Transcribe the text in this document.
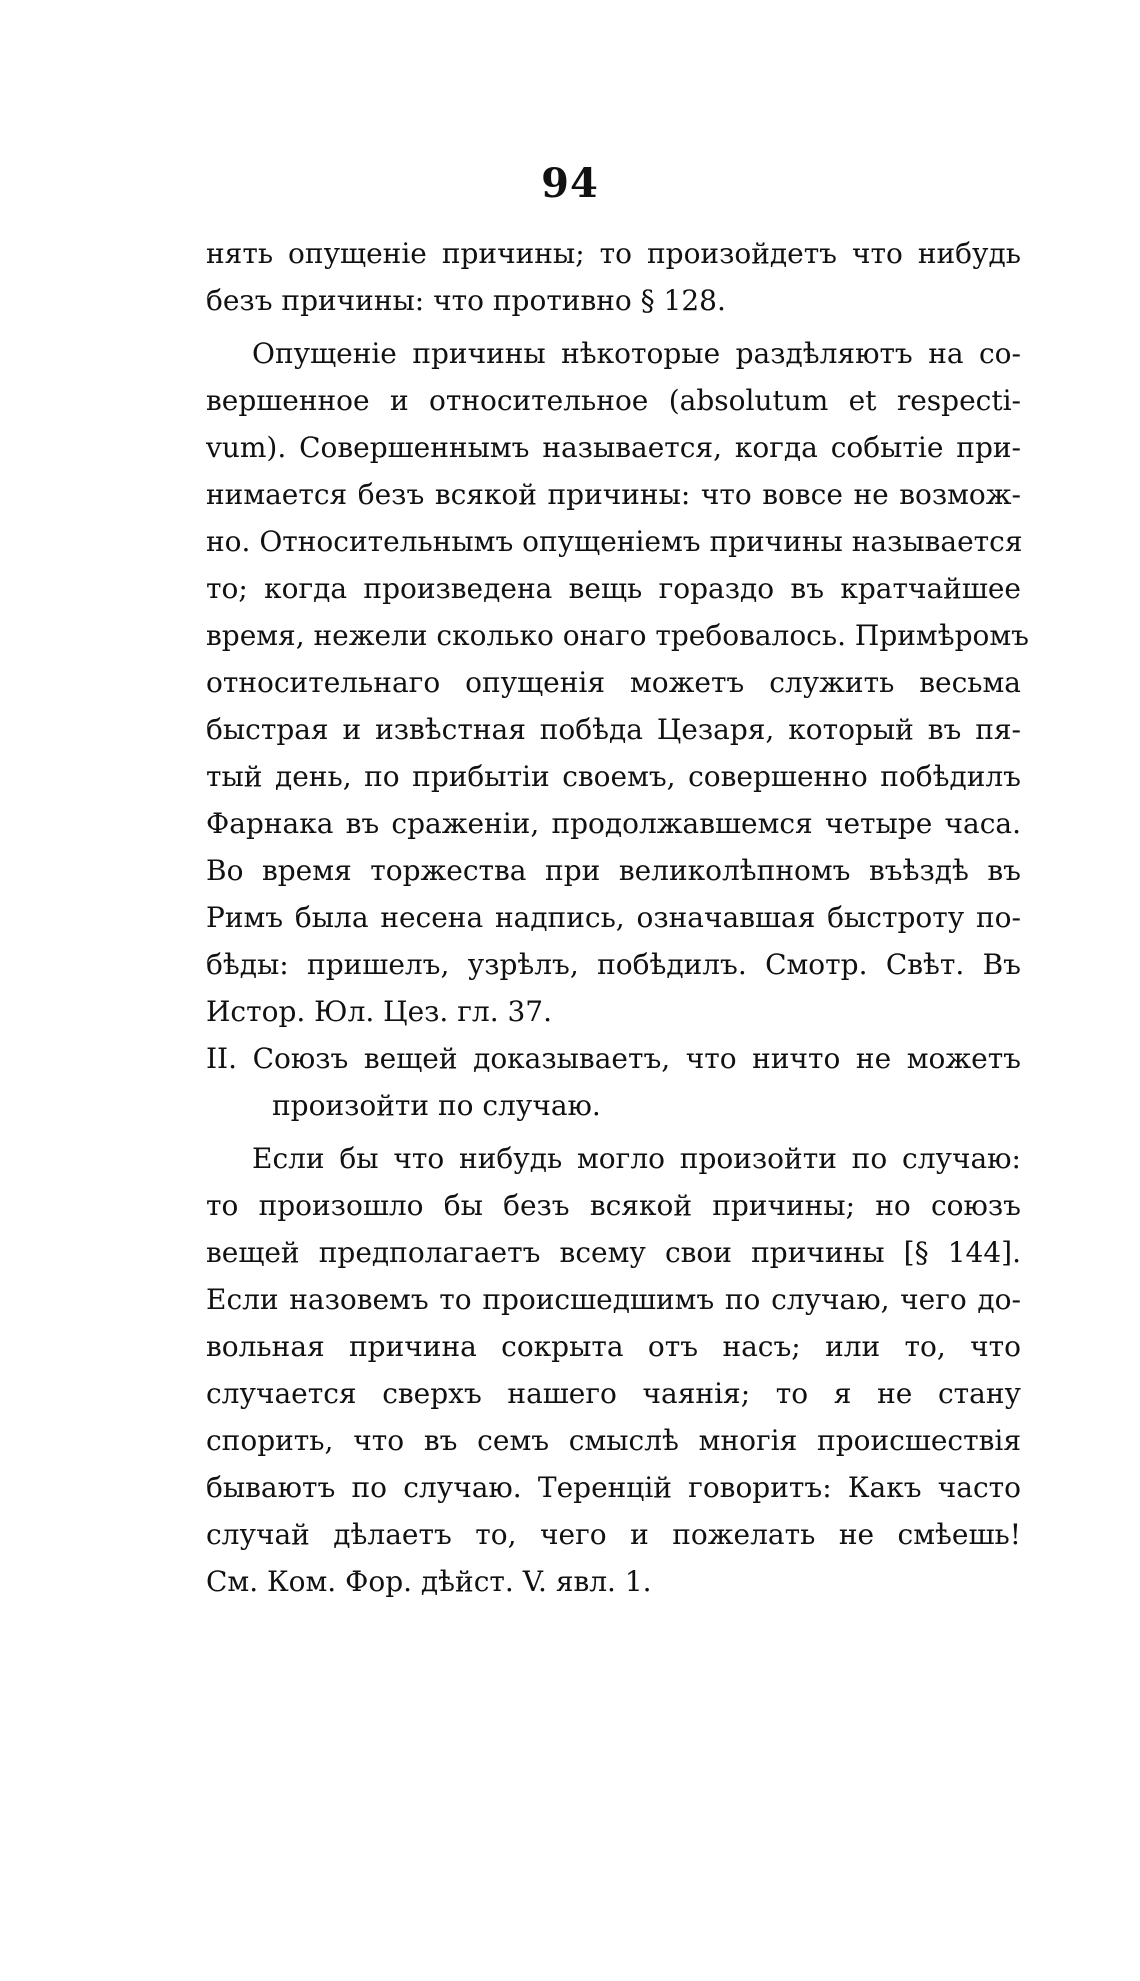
94
нять опущеніе причины; то произойдетъ что нибудь
безъ причины: что противно § 128.
Опущеніе причины нѣкоторые раздѣляютъ на со-
вершенное и относительное (absolutum et respecti-
vum). Совершеннымъ называется, когда событіе при-
нимается безъ всякой причины: что вовсе не возмож-
но. Относительнымъ опущеніемъ причины называется
то; когда произведена вещь гораздо въ кратчайшее
время, нежели сколько онаго требовалось. Примѣромъ
относительнаго опущенія можетъ служить весьма
быстрая и извѣстная побѣда Цезаря, который въ пя-
тый день, по прибытіи своемъ, совершенно побѣдилъ
Фарнака въ сраженіи, продолжавшемся четыре часа.
Во время торжества при великолѣпномъ въѣздѣ въ
Римъ была несена надпись, означавшая быстроту по-
бѣды: пришелъ, узрѣлъ, побѣдилъ. Смотр. Свѣт. Въ
Истор. Юл. Цез. гл. 37.
II. Союзъ вещей доказываетъ, что ничто не можетъ
произойти по случаю.
Если бы что нибудь могло произойти по случаю:
то произошло бы безъ всякой причины; но союзъ
вещей предполагаетъ всему свои причины [§ 144].
Если назовемъ то происшедшимъ по случаю, чего до-
вольная причина сокрыта отъ насъ; или то, что
случается сверхъ нашего чаянія; то я не стану
спорить, что въ семъ смыслѣ многія происшествія
бываютъ по случаю. Теренцій говоритъ: Какъ часто
случай дѣлаетъ то, чего и пожелать не смѣешь!
См. Ком. Фор. дѣйст. V. явл. 1.
